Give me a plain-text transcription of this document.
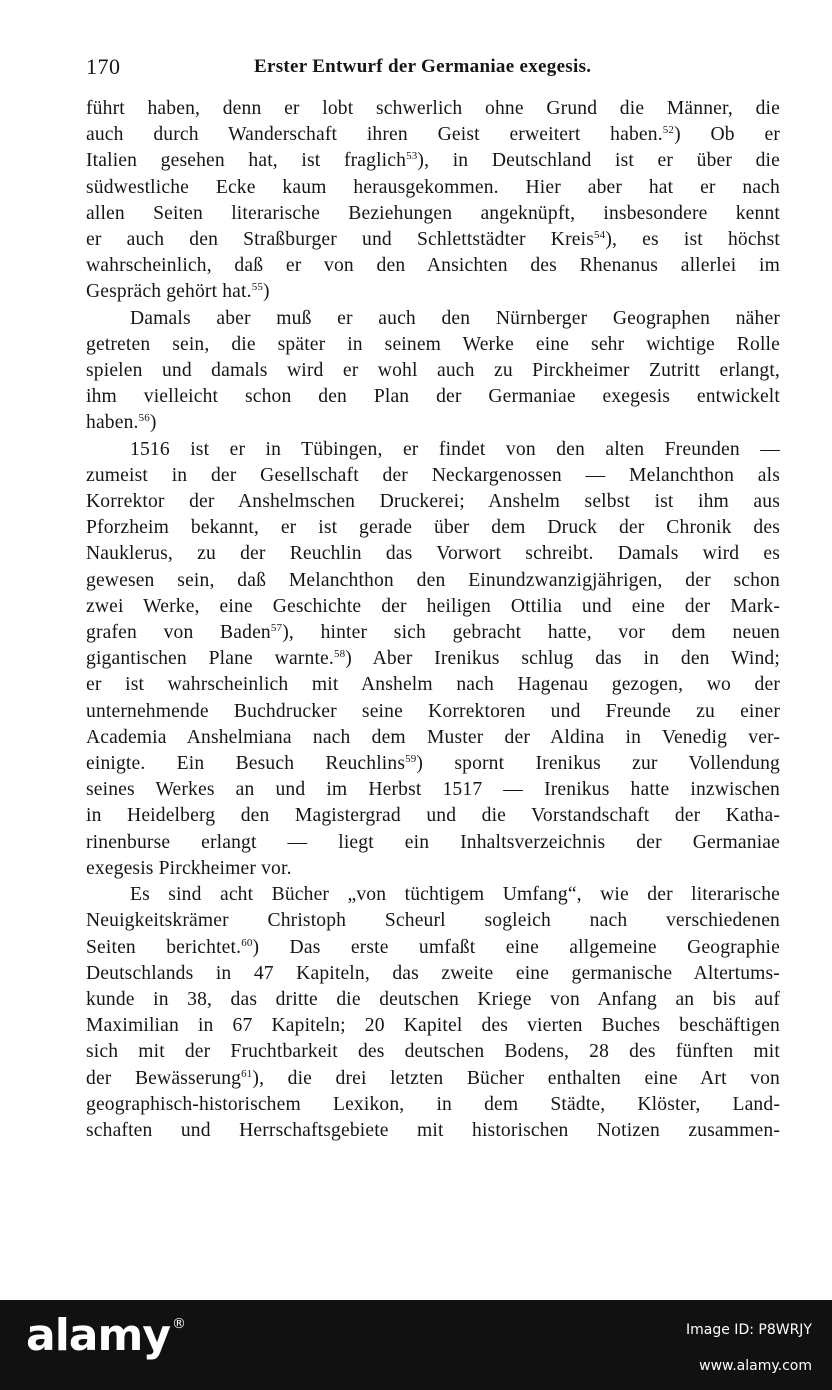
170	Erster Entwurf der Germaniae exegesis.
führt haben, denn er lobt schwerlich ohne Grund die Männer, die
auch durch Wanderschaft ihren Geist erweitert haben.$^{52}$) Ob er
Italien gesehen hat, ist fraglich$^{53}$), in Deutschland ist er über die
südwestliche Ecke kaum herausgekommen. Hier aber hat er nach
allen Seiten literarische Beziehungen angeknüpft, insbesondere kennt
er auch den Straßburger und Schlettstädter Kreis$^{54}$), es ist höchst
wahrscheinlich, daß er von den Ansichten des Rhenanus allerlei im
Gespräch gehört hat.$^{55}$)
Damals aber muß er auch den Nürnberger Geographen näher
getreten sein, die später in seinem Werke eine sehr wichtige Rolle
spielen und damals wird er wohl auch zu Pirckheimer Zutritt erlangt,
ihm vielleicht schon den Plan der Germaniae exegesis entwickelt
haben.$^{56}$)
1516 ist er in Tübingen, er findet von den alten Freunden —
zumeist in der Gesellschaft der Neckargenossen — Melanchthon als
Korrektor der Anshelmschen Druckerei; Anshelm selbst ist ihm aus
Pforzheim bekannt, er ist gerade über dem Druck der Chronik des
Nauklerus, zu der Reuchlin das Vorwort schreibt. Damals wird es
gewesen sein, daß Melanchthon den Einundzwanzigjährigen, der schon
zwei Werke, eine Geschichte der heiligen Ottilia und eine der Mark-
grafen von Baden$^{57}$), hinter sich gebracht hatte, vor dem neuen
gigantischen Plane warnte.$^{58}$) Aber Irenikus schlug das in den Wind;
er ist wahrscheinlich mit Anshelm nach Hagenau gezogen, wo der
unternehmende Buchdrucker seine Korrektoren und Freunde zu einer
Academia Anshelmiana nach dem Muster der Aldina in Venedig ver-
einigte. Ein Besuch Reuchlins$^{59}$) spornt Irenikus zur Vollendung
seines Werkes an und im Herbst 1517 — Irenikus hatte inzwischen
in Heidelberg den Magistergrad und die Vorstandschaft der Katha-
rinenburse erlangt — liegt ein Inhaltsverzeichnis der Germaniae
exegesis Pirckheimer vor.
Es sind acht Bücher „von tüchtigem Umfang“, wie der literarische
Neuigkeitskrämer Christoph Scheurl sogleich nach verschiedenen
Seiten berichtet.$^{60}$) Das erste umfaßt eine allgemeine Geographie
Deutschlands in 47 Kapiteln, das zweite eine germanische Altertums-
kunde in 38, das dritte die deutschen Kriege von Anfang an bis auf
Maximilian in 67 Kapiteln; 20 Kapitel des vierten Buches beschäftigen
sich mit der Fruchtbarkeit des deutschen Bodens, 28 des fünften mit
der Bewässerung$^{61}$), die drei letzten Bücher enthalten eine Art von
geographisch-historischem Lexikon, in dem Städte, Klöster, Land-
schaften und Herrschaftsgebiete mit historischen Notizen zusammen-
alamy ®	Image ID: P8WRJY
www.alamy.com
